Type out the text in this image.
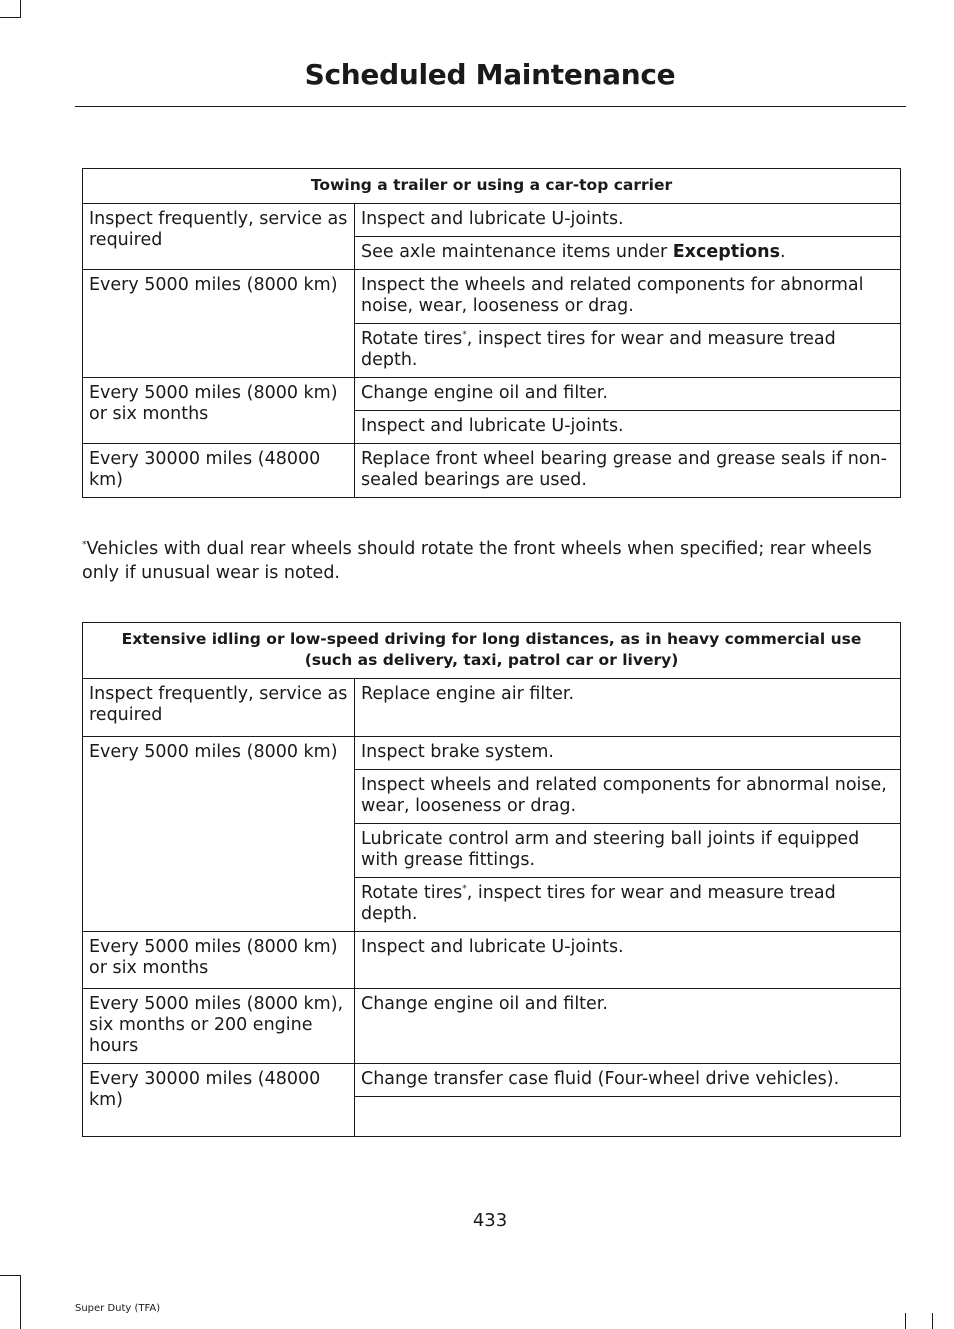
Scheduled Maintenance
Towing a trailer or using a car-top carrier	
Inspect frequently, service as required	Inspect and lubricate U-joints.
	See axle maintenance items under Exceptions.
Every 5000 miles (8000 km)	Inspect the wheels and related components for abnormal noise, wear, looseness or drag.
	Rotate tires*, inspect tires for wear and measure tread depth.
Every 5000 miles (8000 km) or six months	Change engine oil and filter.
	Inspect and lubricate U-joints.
Every 30000 miles (48000 km)	Replace front wheel bearing grease and grease seals if non-sealed bearings are used.
*Vehicles with dual rear wheels should rotate the front wheels when specified; rear wheels only if unusual wear is noted.
Extensive idling or low-speed driving for long distances, as in heavy commercial use
(such as delivery, taxi, patrol car or livery)	
Inspect frequently, service as required	Replace engine air filter.
Every 5000 miles (8000 km)	Inspect brake system.
	Inspect wheels and related components for abnormal noise, wear, looseness or drag.
	Lubricate control arm and steering ball joints if equipped with grease fittings.
	Rotate tires*, inspect tires for wear and measure tread depth.
Every 5000 miles (8000 km) or six months	Inspect and lubricate U-joints.
Every 5000 miles (8000 km), six months or 200 engine hours	Change engine oil and filter.
Every 30000 miles (48000 km)	Change transfer case fluid (Four-wheel drive vehicles).

433
Super Duty (TFA)
